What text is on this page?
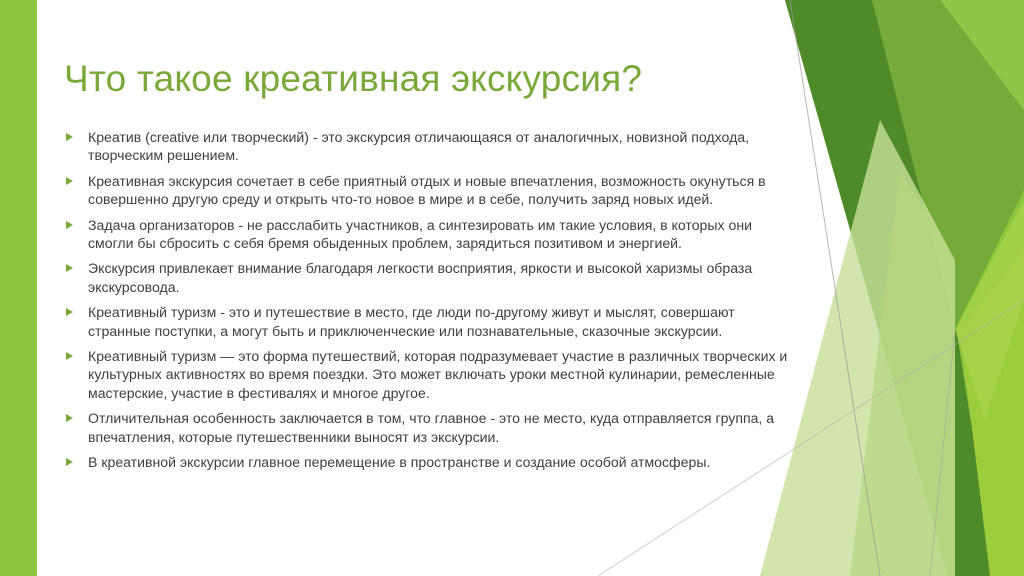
Что такое креативная экскурсия?
Креатив (creative или творческий) - это экскурсия отличающаяся от аналогичных, новизной подхода, творческим решением.
Креативная экскурсия сочетает в себе приятный отдых и новые впечатления, возможность окунуться в совершенно другую среду и открыть что-то новое в мире и в себе, получить заряд новых идей.
Задача организаторов - не расслабить участников, а синтезировать им такие условия, в которых они смогли бы сбросить с себя бремя обыденных проблем, зарядиться позитивом и энергией.
Экскурсия привлекает внимание благодаря легкости восприятия, яркости и высокой харизмы образа экскурсовода.
Креативный туризм - это и путешествие в место, где люди по-другому живут и мыслят, совершают странные поступки, а могут быть и приключенческие или познавательные, сказочные экскурсии.
Креативный туризм — это форма путешествий, которая подразумевает участие в различных творческих и культурных активностях во время поездки. Это может включать уроки местной кулинарии, ремесленные мастерские, участие в фестивалях и многое другое.
Отличительная особенность заключается в том, что главное - это не место, куда отправляется группа, а впечатления, которые путешественники выносят из экскурсии.
В креативной экскурсии главное перемещение в пространстве и создание особой атмосферы.
